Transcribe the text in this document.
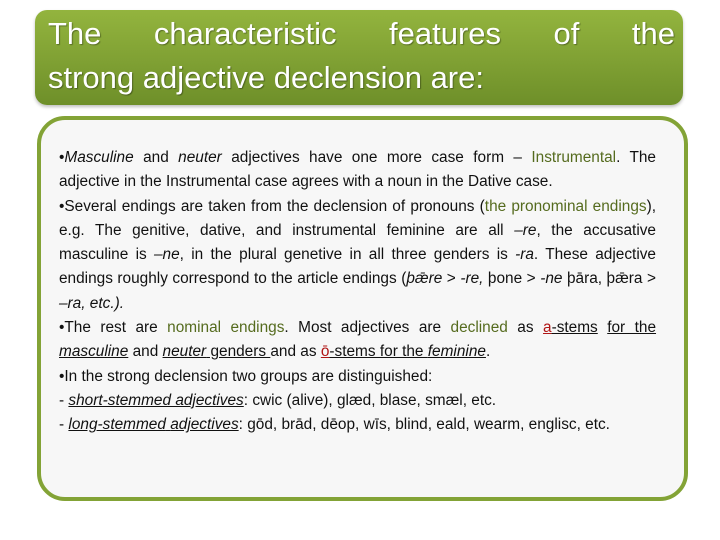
The characteristic features of the
strong adjective declension are:

•Masculine and neuter adjectives have one more case form – Instrumental. The adjective in the Instrumental case agrees with a noun in the Dative case.

•Several endings are taken from the declension of pronouns (the pronominal endings), e.g. The genitive, dative, and instrumental feminine are all –re, the accusative masculine is –ne, in the plural genetive in all three genders is -ra. These adjective endings roughly correspond to the article endings (þǣre > -re, þone > -ne þāra, þǣra > –ra, etc.).

•The rest are nominal endings. Most adjectives are declined as a-stems for the masculine and neuter genders and as ō-stems for the feminine.

•In the strong declension two groups are distinguished:

- short-stemmed adjectives: cwic (alive), glæd, blase, smæl, etc.

- long-stemmed adjectives: gōd, brād, dēop, wīs, blind, eald, wearm, englisc, etc.
